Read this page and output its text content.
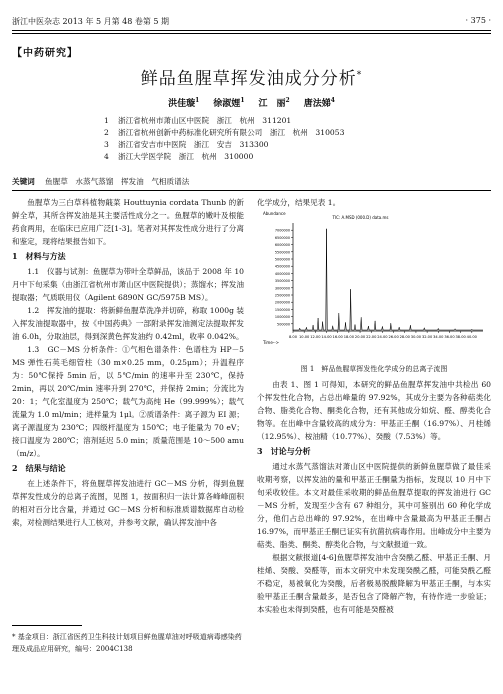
浙江中医杂志 2013 年 5 月第 48 卷第 5 期	· 375 ·
【中药研究】
鲜品鱼腥草挥发油成分分析*
洪佳璇$^1$ 徐淑娌$^1$ 江　丽$^2$ 唐法娣$^4$
1 浙江省杭州市萧山区中医院　浙江　杭州　311201
2 浙江省杭州创新中药标准化研究所有限公司　浙江　杭州　310053
3 浙江省安吉市中医院　浙江　安吉　313300
4 浙江大学医学院　浙江　杭州　310000
关键词　 鱼腥草　水蒸气蒸馏　挥发油　气相质谱法

鱼腥草为三白草科植物蕺菜 Houttuynia cordata Thunb 的新鲜全草，其所含挥发油是其主要活性成分之一。鱼腥草的嫩叶及根能药食两用，在临床已应用广泛[1-3]。笔者对其挥发性成分进行了分离和鉴定，现将结果报告如下。

1　材料与方法

1.1　仪器与试剂：鱼腥草为带叶全草鲜品，该品于 2008 年 10 月中下旬采集（由浙江省杭州市萧山区中医院提供）；蒸馏水；挥发油提取器；气质联用仪（Agilent 6890N GC/5975B MS）。

1.2　挥发油的提取：将新鲜鱼腥草洗净并切碎，称取 1000g 装入挥发油提取器中，按《中国药典》一部附录挥发油测定法提取挥发油 6.0h，分取油层，得到深黄色挥发油约 0.42ml，收率 0.042%。

1.3　GC－MS 分析条件：①气相色谱条件：色谱柱为 HP－5 MS 弹性石英毛细管柱（30 m×0.25 mm，0.25μm）；升温程序为：50℃保持 5min 后，以 5℃/min 的速率升至 230℃，保持 2min，再以 20℃/min 速率升到 270℃，并保持 2min；分流比为 20：1；气化室温度为 250℃；载气为高纯 He（99.999%）；载气流量为 1.0 ml/min；进样量为 1μl。②质谱条件：离子源为 EI 源；离子源温度为 230℃；四级杆温度为 150℃；电子能量为 70 eV；接口温度为 280℃；溶剂延迟 5.0 min；质量范围是 10～500 amu（m/z）。

2　结果与结论

在上述条件下，将鱼腥草挥发油进行 GC－MS 分析，得到鱼腥草挥发性成分的总离子流图，见图 1，按面积归一法计算各峰峰面积的相对百分比含量，并通过 GC－MS 分析和标准质谱数据库自动检索，对检测结果进行人工核对，并参考文献，确认挥发油中各

化学成分，结果见表 1。

500000
1000000
1500000
2000000
2500000
3000000
3500000
4000000
4500000
5000000
5500000
6000000
6500000
7000000
8.00 10.00 12.00 14.00 16.00 18.00 20.00 22.00 24.00 26.00 28.00 30.00 32.00 34.00 36.00 38.00 40.00
Abundance
Time-->
TIC: A.MSD (000.D) data.ms
图 1　鲜品鱼腥草挥发性化学成分的总离子流图

由表 1、图 1 可得知，本研究的鲜品鱼腥草挥发油中共检出 60 个挥发性化合物，占总出峰量的 97.92%，其成分主要为各种萜类化合物、脂类化合物、酮类化合物，还有其他成分如烷、醛、醇类化合物等。在出峰中含量较高的成分为：甲基正壬酮（16.97%）、月桂烯（12.95%）、桉油精（10.77%）、癸酸（7.53%）等。

3　讨论与分析

通过水蒸气蒸馏法对萧山区中医院提供的新鲜鱼腥草做了最佳采收期考察，以挥发油的量和甲基正壬酮量为指标，发现以 10 月中下旬采收较佳。本文对最佳采收期的鲜品鱼腥草提取的挥发油进行 GC－MS 分析，发现至少含有 67 种组分，其中可鉴别出 60 种化学成分，他们占总出峰的 97.92%，在出峰中含量最高为甲基正壬酮占 16.97%，而甲基正壬酮已证实有抗菌抗病毒作用。出峰成分中主要为萜类、脂类、酮类、醇类化合物，与文献报道一致。

根据文献报道[4-6]鱼腥草挥发油中含癸酰乙醛、甲基正壬酮、月桂烯、癸酸、癸醛等，而本文研究中未发现癸酰乙醛，可能癸酰乙醛不稳定，易被氧化为癸酸，后者极易脱酸降解为甲基正壬酮，与本实验甲基正壬酮含量最多，是否包含了降解产物，有待作进一步验证；本实验也未得到癸醛，也有可能是癸醛被

* 基金项目：浙江省医药卫生科技计划项目鲜鱼腥草油对呼吸道病毒感染药理及成品应用研究，编号：2004C138
